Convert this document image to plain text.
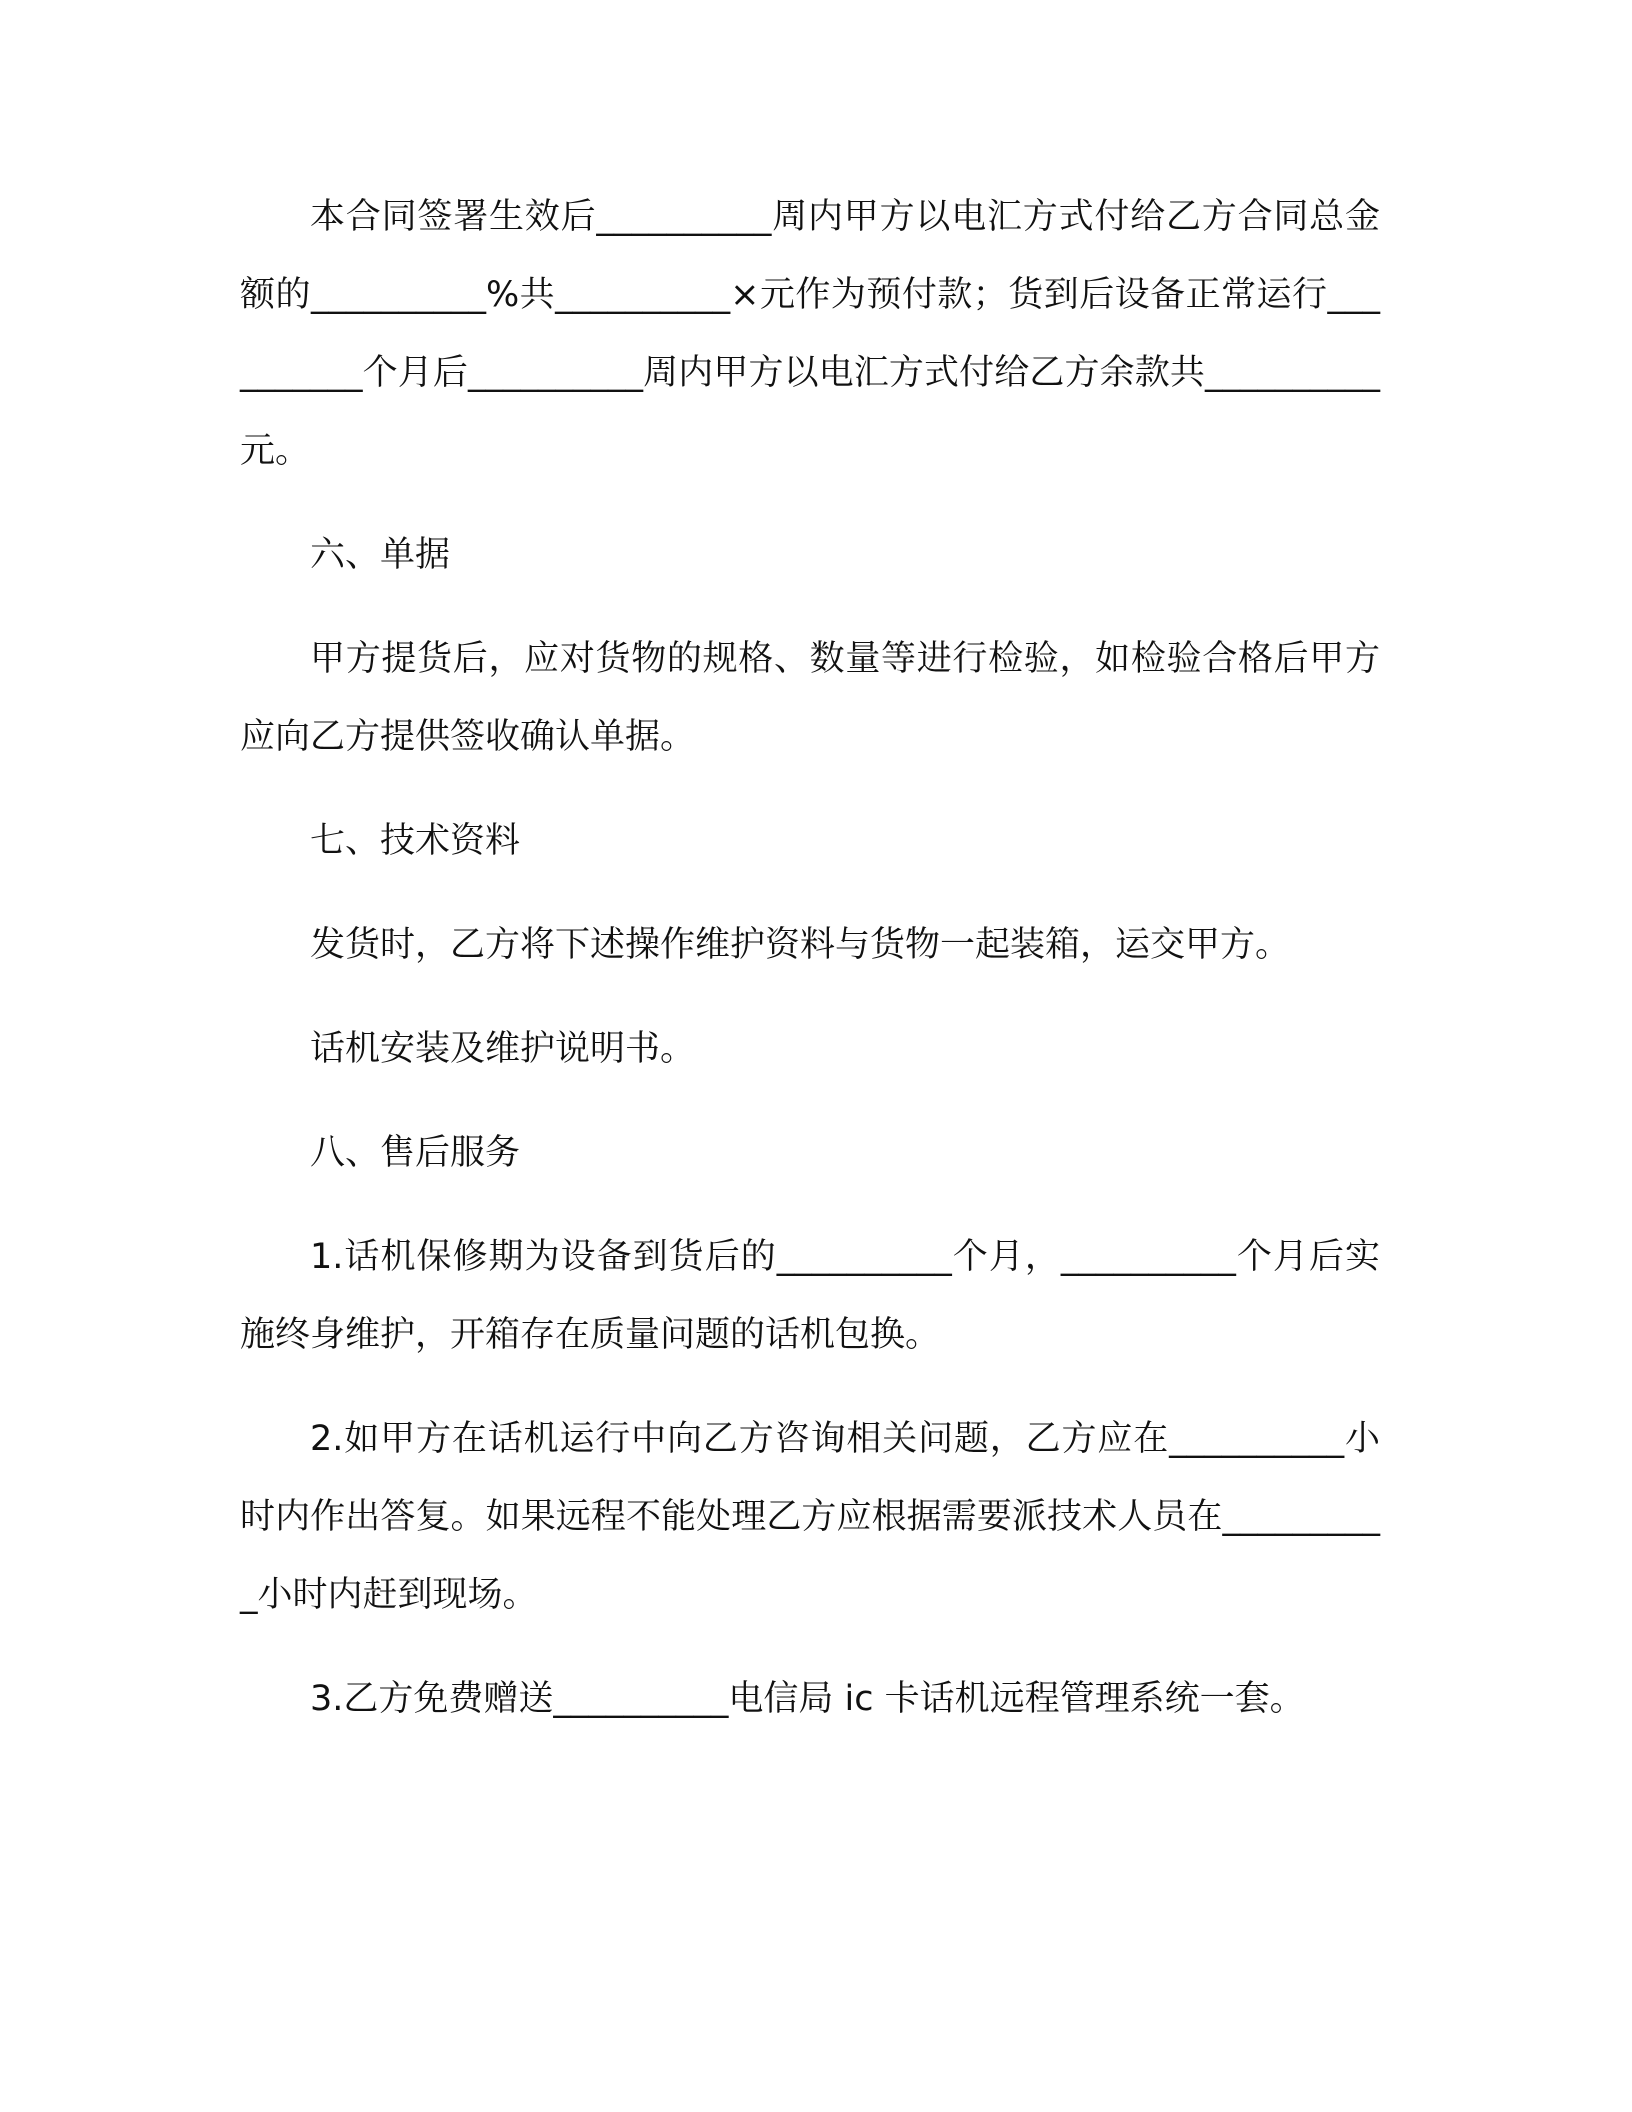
本合同签署生效后__________周内甲方以电汇方式付给乙方合同总金额的__________%共__________×元作为预付款；货到后设备正常运行__________个月后__________周内甲方以电汇方式付给乙方余款共__________元。

六、单据

甲方提货后，应对货物的规格、数量等进行检验，如检验合格后甲方应向乙方提供签收确认单据。

七、技术资料

发货时，乙方将下述操作维护资料与货物一起装箱，运交甲方。

话机安装及维护说明书。

八、售后服务

1.话机保修期为设备到货后的__________个月，__________个月后实施终身维护，开箱存在质量问题的话机包换。

2.如甲方在话机运行中向乙方咨询相关问题，乙方应在__________小时内作出答复。如果远程不能处理乙方应根据需要派技术人员在__________小时内赶到现场。

3.乙方免费赠送__________电信局 ic 卡话机远程管理系统一套。
